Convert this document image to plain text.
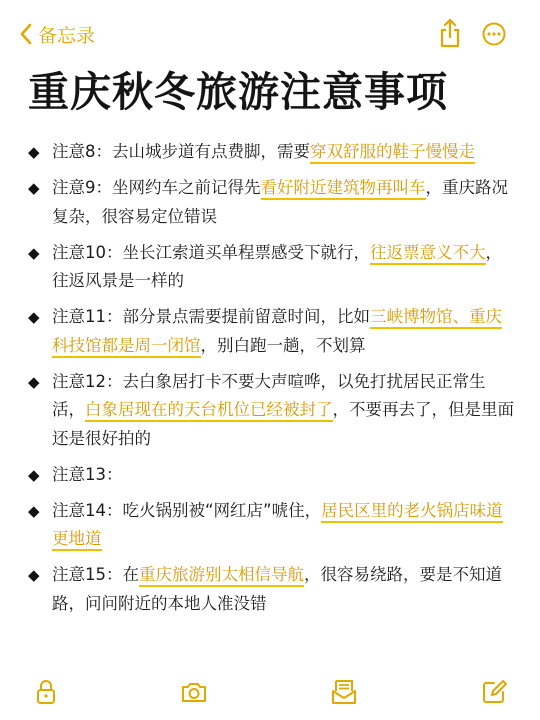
备忘录
重庆秋冬旅游注意事项
◆ 注意8：去山城步道有点费脚，需要穿双舒服的鞋子慢慢走
◆ 注意9：坐网约车之前记得先看好附近建筑物再叫车，重庆路况复杂，很容易定位错误
◆ 注意10：坐长江索道买单程票感受下就行，往返票意义不大，往返风景是一样的
◆ 注意11：部分景点需要提前留意时间，比如三峡博物馆、重庆科技馆都是周一闭馆，别白跑一趟，不划算
◆ 注意12：去白象居打卡不要大声喧哗，以免打扰居民正常生活，白象居现在的天台机位已经被封了，不要再去了，但是里面还是很好拍的
◆ 注意13：
◆ 注意14：吃火锅别被“网红店”唬住，居民区里的老火锅店味道更地道
◆ 注意15：在重庆旅游别太相信导航，很容易绕路，要是不知道路，问问附近的本地人准没错
